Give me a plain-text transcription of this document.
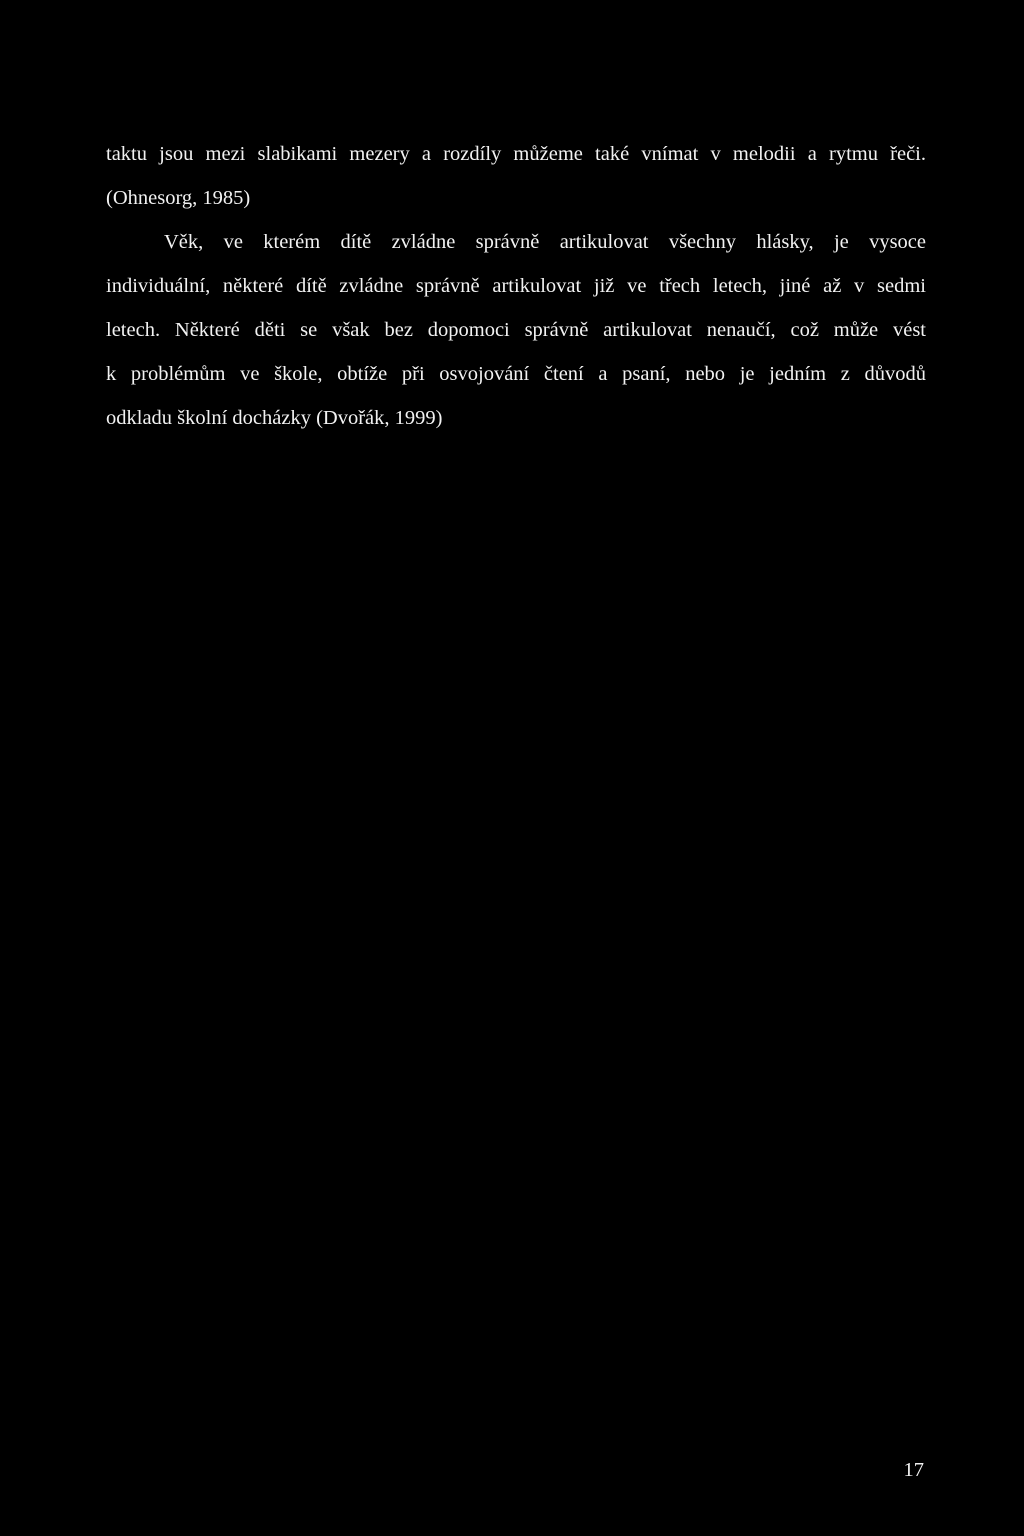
taktu jsou mezi slabikami mezery a rozdíly můžeme také vnímat v melodii a rytmu řeči.
(Ohnesorg, 1985)
Věk, ve kterém dítě zvládne správně artikulovat všechny hlásky, je vysoce
individuální, některé dítě zvládne správně artikulovat již ve třech letech, jiné až v sedmi
letech. Některé děti se však bez dopomoci správně artikulovat nenaučí, což může vést
k problémům ve škole, obtíže při osvojování čtení a psaní, nebo je jedním z důvodů
odkladu školní docházky (Dvořák, 1999)
17
